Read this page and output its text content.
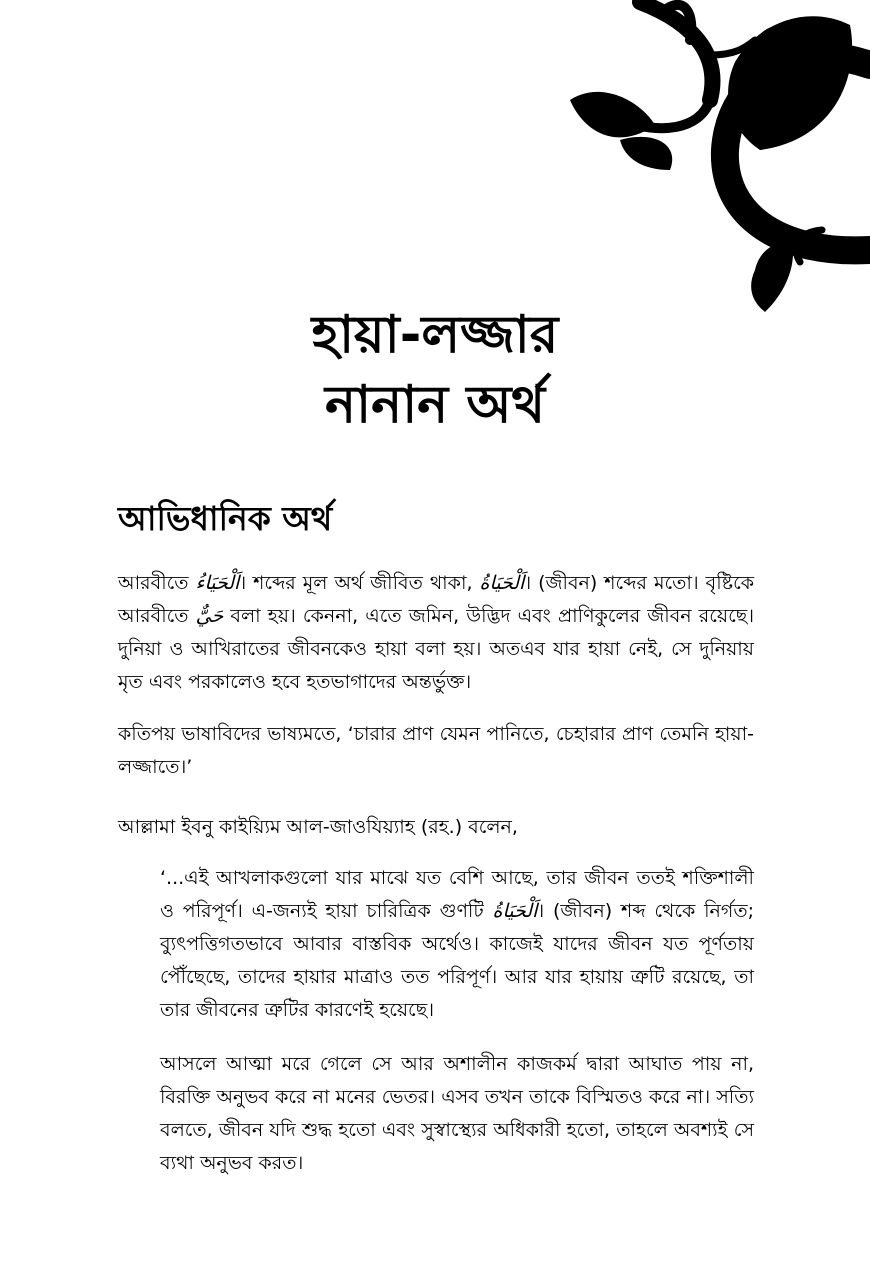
হায়া-লজ্জার
নানান অর্থ
আভিধানিক অর্থ

আরবীতে اَلْحَيَاءُ। শব্দের মূল অর্থ জীবিত থাকা, اَلْحَيَاةُ। (জীবন) শব্দের মতো। বৃষ্টিকে আরবীতে حَيٌّ বলা হয়। কেননা, এতে জমিন, উদ্ভিদ এবং প্রাণিকুলের জীবন রয়েছে। দুনিয়া ও আখিরাতের জীবনকেও হায়া বলা হয়। অতএব যার হায়া নেই, সে দুনিয়ায় মৃত এবং পরকালেও হবে হতভাগাদের অন্তর্ভুক্ত।

কতিপয় ভাষাবিদের ভাষ্যমতে, ‘চারার প্রাণ যেমন পানিতে, চেহারার প্রাণ তেমনি হায়া-লজ্জাতে।’

আল্লামা ইবনু কাইয়্যিম আল-জাওযিয়্যাহ (রহ.) বলেন,

‘...এই আখলাকগুলো যার মাঝে যত বেশি আছে, তার জীবন ততই শক্তিশালী ও পরিপূর্ণ। এ-জন্যই হায়া চারিত্রিক গুণটি اَلْحَيَاةُ। (জীবন) শব্দ থেকে নির্গত; ব্যুৎপত্তিগতভাবে আবার বাস্তবিক অর্থেও। কাজেই যাদের জীবন যত পূর্ণতায় পৌঁছেছে, তাদের হায়ার মাত্রাও তত পরিপূর্ণ। আর যার হায়ায় ত্রুটি রয়েছে, তা তার জীবনের ত্রুটির কারণেই হয়েছে।

আসলে আত্মা মরে গেলে সে আর অশালীন কাজকর্ম দ্বারা আঘাত পায় না, বিরক্তি অনুভব করে না মনের ভেতর। এসব তখন তাকে বিস্মিতও করে না। সত্যি বলতে, জীবন যদি শুদ্ধ হতো এবং সুস্বাস্থ্যের অধিকারী হতো, তাহলে অবশ্যই সে ব্যথা অনুভব করত।
